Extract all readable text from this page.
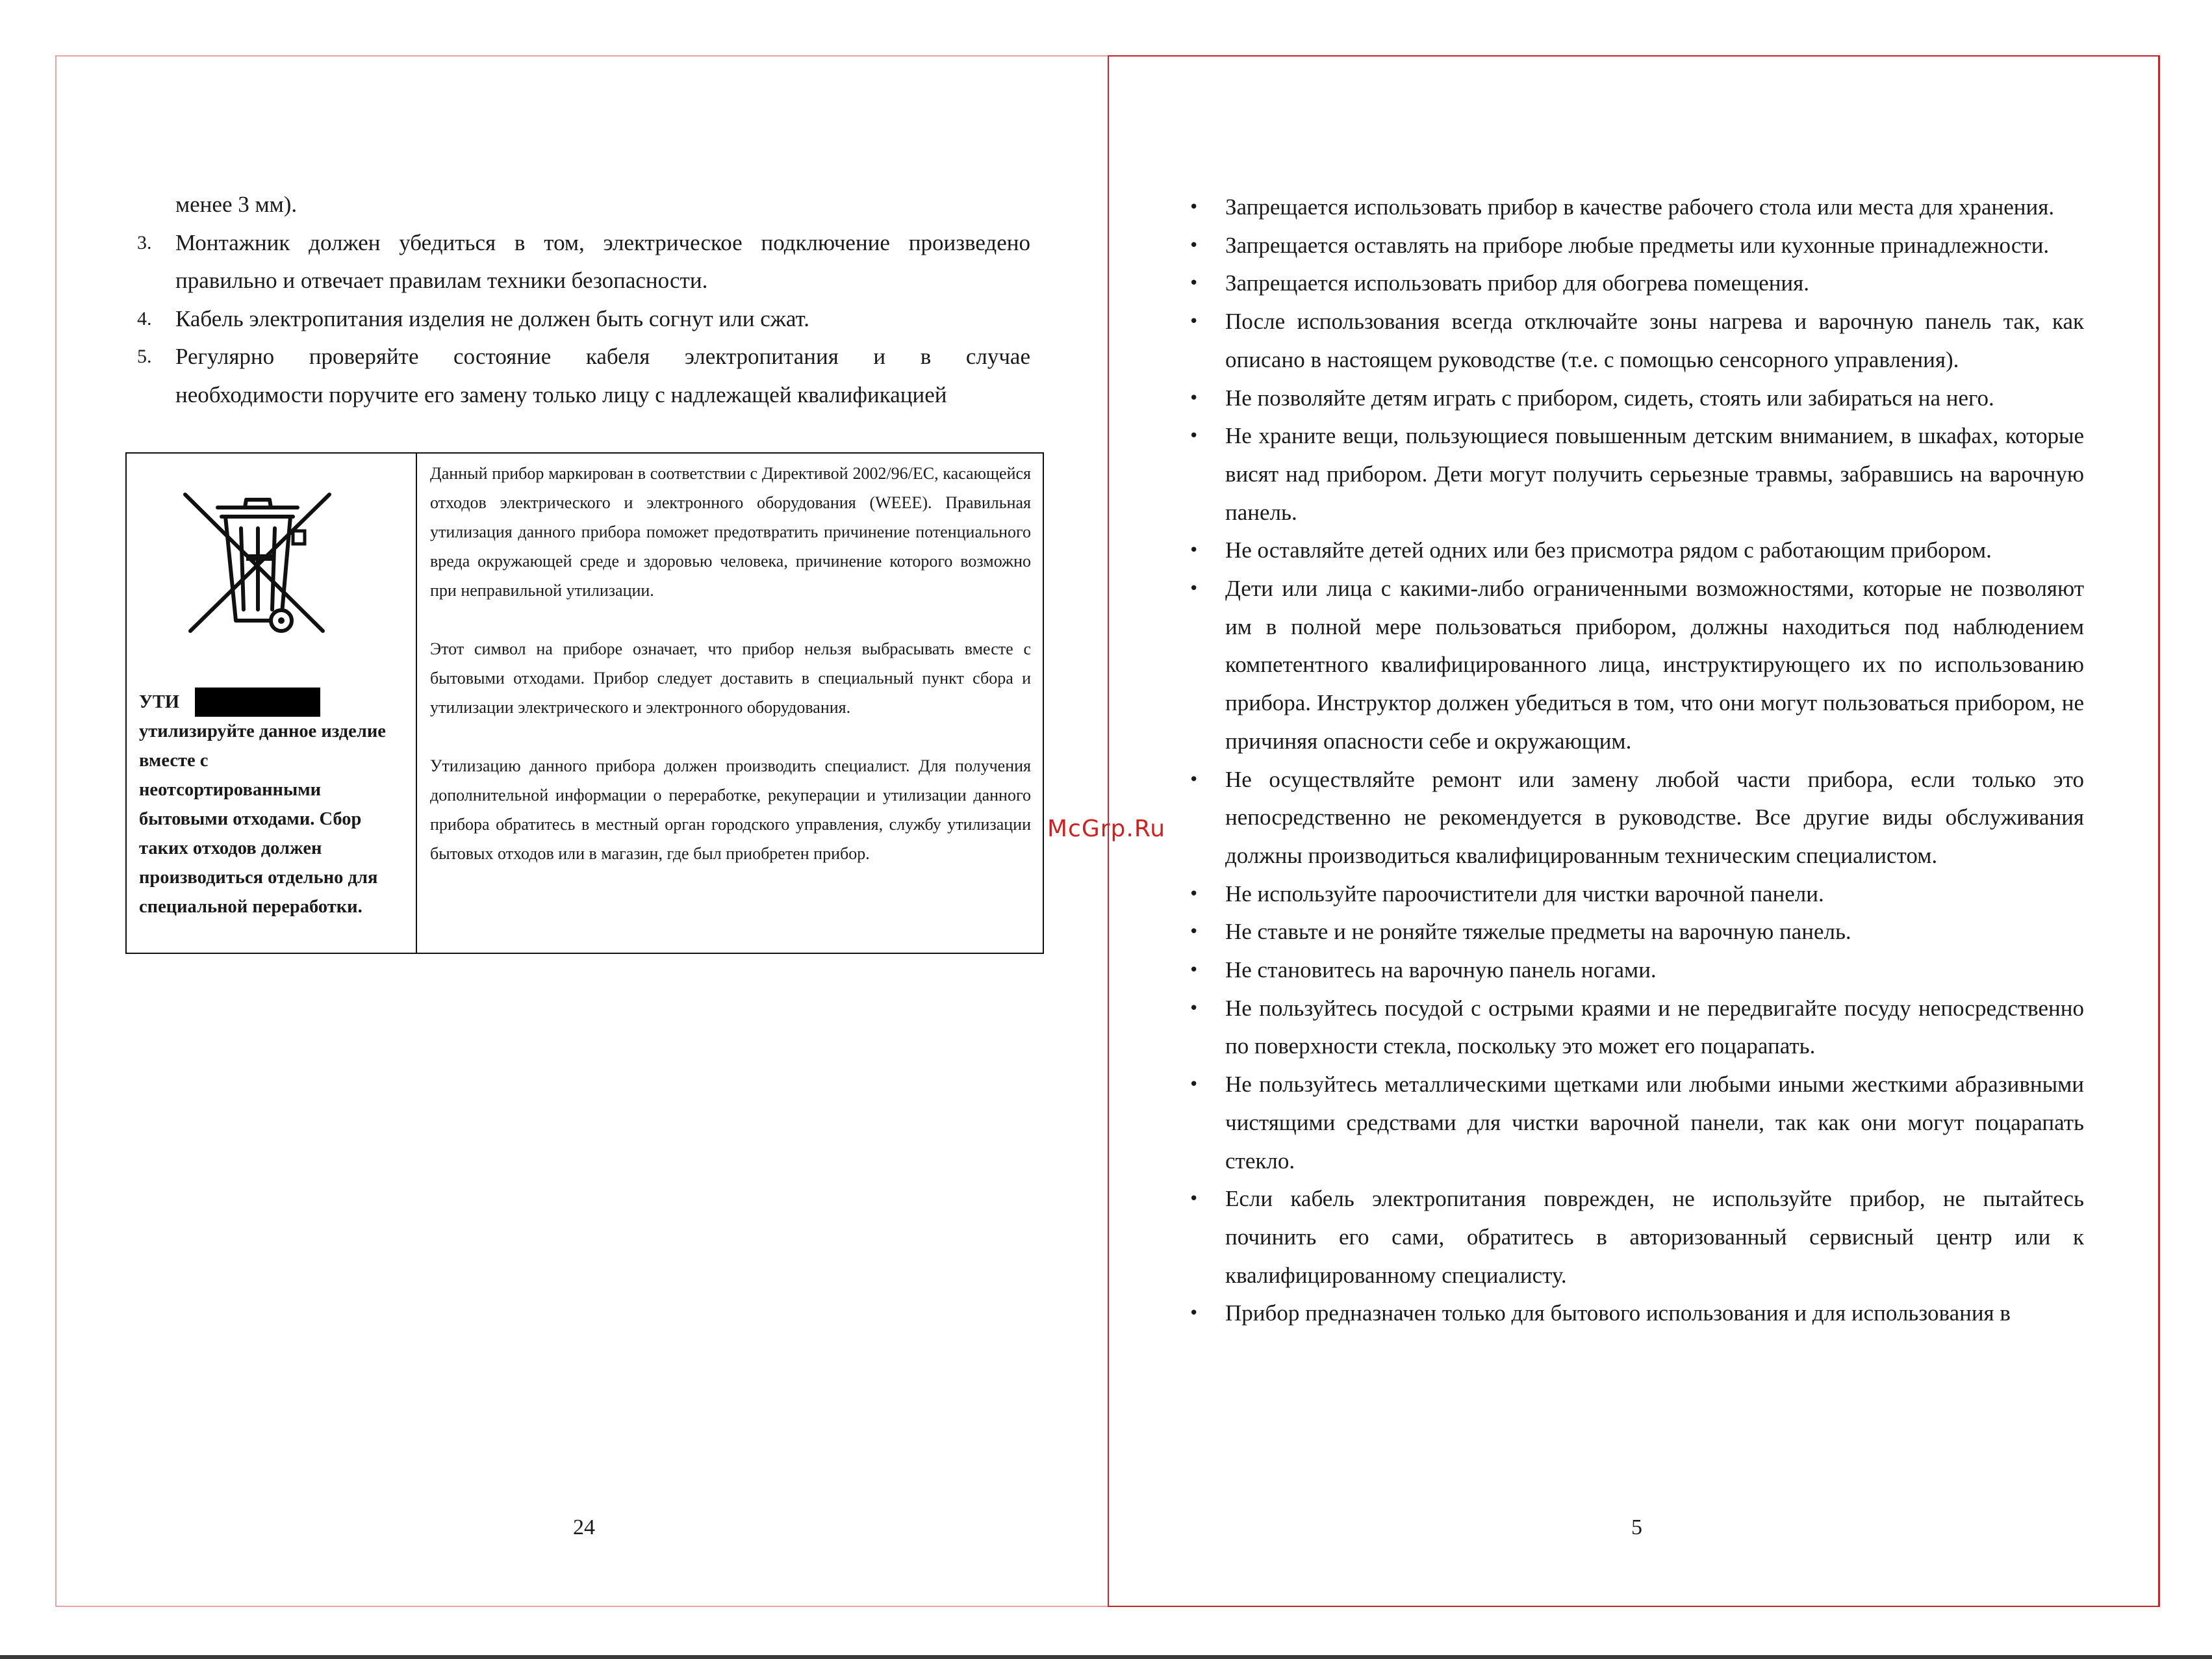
менее 3 мм).
3. Монтажник должен убедиться в том, электрическое подключение произведено
правильно и отвечает правилам техники безопасности.
4. Кабель электропитания изделия не должен быть согнут или сжат.
5. Регулярно проверяйте состояние кабеля электропитания и в случае
необходимости поручите его замену только лицу с надлежащей квалификацией
УТИ
утилизируйте данное изделие
вместе с
неотсортированными
бытовыми отходами. Сбор
таких отходов должен
производиться отдельно для
специальной переработки.

Данный прибор маркирован в соответствии с Директивой 2002/96/EC, касающейся отходов электрического и электронного оборудования (WEEE). Правильная утилизация данного прибора поможет предотвратить причинение потенциального вреда окружающей среде и здоровью человека, причинение которого возможно при неправильной утилизации.

Этот символ на приборе означает, что прибор нельзя выбрасывать вместе с бытовыми отходами. Прибор следует доставить в специальный пункт сбора и утилизации электрического и электронного оборудования.

Утилизацию данного прибора должен производить специалист. Для получения дополнительной информации о переработке, рекуперации и утилизации данного прибора обратитесь в местный орган городского управления, службу утилизации бытовых отходов или в магазин, где был приобретен прибор.

24
McGrp.Ru

• Запрещается использовать прибор в качестве рабочего стола или места для хранения.

• Запрещается оставлять на приборе любые предметы или кухонные принадлежности.

• Запрещается использовать прибор для обогрева помещения.

• После использования всегда отключайте зоны нагрева и варочную панель так, как описано в настоящем руководстве (т.е. с помощью сенсорного управления).

• Не позволяйте детям играть с прибором, сидеть, стоять или забираться на него.

• Не храните вещи, пользующиеся повышенным детским вниманием, в шкафах, которые висят над прибором. Дети могут получить серьезные травмы, забравшись на варочную панель.

• Не оставляйте детей одних или без присмотра рядом с работающим прибором.

• Дети или лица с какими-либо ограниченными возможностями, которые не позволяют им в полной мере пользоваться прибором, должны находиться под наблюдением компетентного квалифицированного лица, инструктирующего их по использованию прибора. Инструктор должен убедиться в том, что они могут пользоваться прибором, не причиняя опасности себе и окружающим.

• Не осуществляйте ремонт или замену любой части прибора, если только это непосредственно не рекомендуется в руководстве. Все другие виды обслуживания должны производиться квалифицированным техническим специалистом.

• Не используйте пароочистители для чистки варочной панели.

• Не ставьте и не роняйте тяжелые предметы на варочную панель.

• Не становитесь на варочную панель ногами.

• Не пользуйтесь посудой с острыми краями и не передвигайте посуду непосредственно по поверхности стекла, поскольку это может его поцарапать.

• Не пользуйтесь металлическими щетками или любыми иными жесткими абразивными чистящими средствами для чистки варочной панели, так как они могут поцарапать стекло.

• Если кабель электропитания поврежден, не используйте прибор, не пытайтесь починить его сами, обратитесь в авторизованный сервисный центр или к квалифицированному специалисту.

• Прибор предназначен только для бытового использования и для использования в

5
